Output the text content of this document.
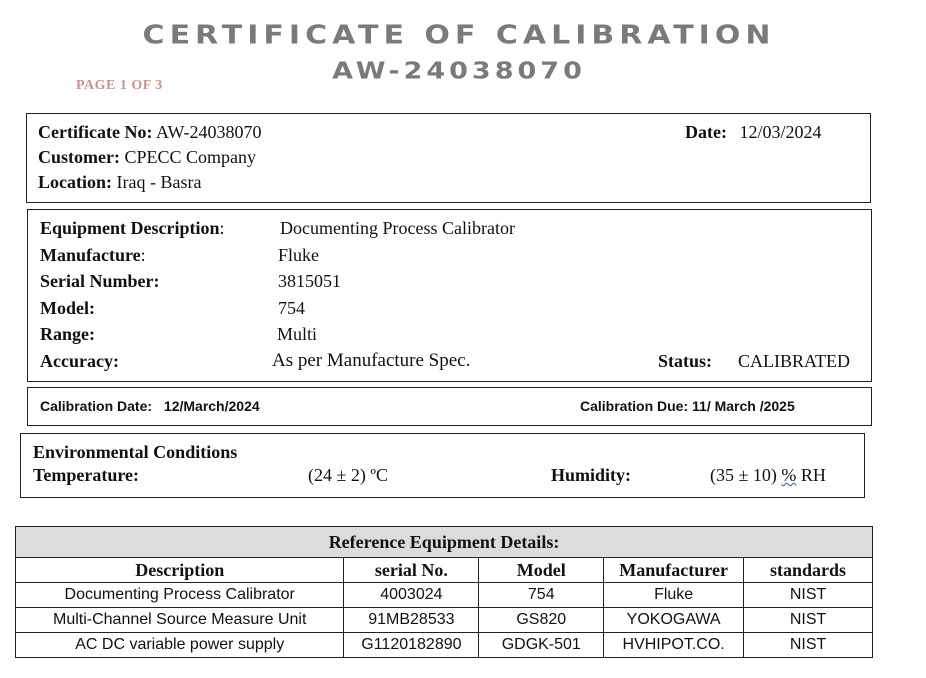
CERTIFICATE OF CALIBRATION
AW-24038070
PAGE 1 OF 3
Certificate No: AW-24038070
Customer: CPECC Company
Location: Iraq - Basra
Date: 12/03/2024
Equipment Description:	Documenting Process Calibrator
Manufacture:	Fluke
Serial Number:	3815051
Model:	754
Range:	Multi
Accuracy:	As per Manufacture Spec.	Status: CALIBRATED
Calibration Date: 12/March/2024	Calibration Due: 11/ March /2025
Environmental Conditions
Temperature:	(24 ± 2) ºC	Humidity:	(35 ± 10) % RH
Reference Equipment Details:				
Description	serial No.	Model	Manufacturer	standards
Documenting Process Calibrator	4003024	754	Fluke	NIST
Multi-Channel Source Measure Unit	91MB28533	GS820	YOKOGAWA	NIST
AC DC variable power supply	G1120182890	GDGK-501	HVHIPOT.CO.	NIST
